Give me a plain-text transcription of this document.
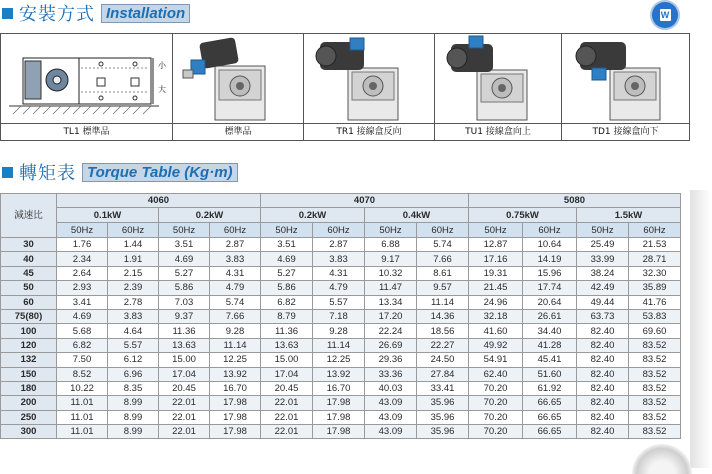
安裝方式 Installation	W
小
大
TL1 標準品	標準品	TR1 接線盒反向	TU1 接線盒向上	TD1 接線盒向下
轉矩表 Torque Table (Kg·m)
減速比	4060				4070				5080			
	0.1kW		0.2kW		0.2kW		0.4kW		0.75kW		1.5kW	
	50Hz	60Hz	50Hz	60Hz	50Hz	60Hz	50Hz	60Hz	50Hz	60Hz	50Hz	60Hz
30	1.76	1.44	3.51	2.87	3.51	2.87	6.88	5.74	12.87	10.64	25.49	21.53
40	2.34	1.91	4.69	3.83	4.69	3.83	9.17	7.66	17.16	14.19	33.99	28.71
45	2.64	2.15	5.27	4.31	5.27	4.31	10.32	8.61	19.31	15.96	38.24	32.30
50	2.93	2.39	5.86	4.79	5.86	4.79	11.47	9.57	21.45	17.74	42.49	35.89
60	3.41	2.78	7.03	5.74	6.82	5.57	13.34	11.14	24.96	20.64	49.44	41.76
75(80)	4.69	3.83	9.37	7.66	8.79	7.18	17.20	14.36	32.18	26.61	63.73	53.83
100	5.68	4.64	11.36	9.28	11.36	9.28	22.24	18.56	41.60	34.40	82.40	69.60
120	6.82	5.57	13.63	11.14	13.63	11.14	26.69	22.27	49.92	41.28	82.40	83.52
132	7.50	6.12	15.00	12.25	15.00	12.25	29.36	24.50	54.91	45.41	82.40	83.52
150	8.52	6.96	17.04	13.92	17.04	13.92	33.36	27.84	62.40	51.60	82.40	83.52
180	10.22	8.35	20.45	16.70	20.45	16.70	40.03	33.41	70.20	61.92	82.40	83.52
200	11.01	8.99	22.01	17.98	22.01	17.98	43.09	35.96	70.20	66.65	82.40	83.52
250	11.01	8.99	22.01	17.98	22.01	17.98	43.09	35.96	70.20	66.65	82.40	83.52
300	11.01	8.99	22.01	17.98	22.01	17.98	43.09	35.96	70.20	66.65	82.40	83.52
